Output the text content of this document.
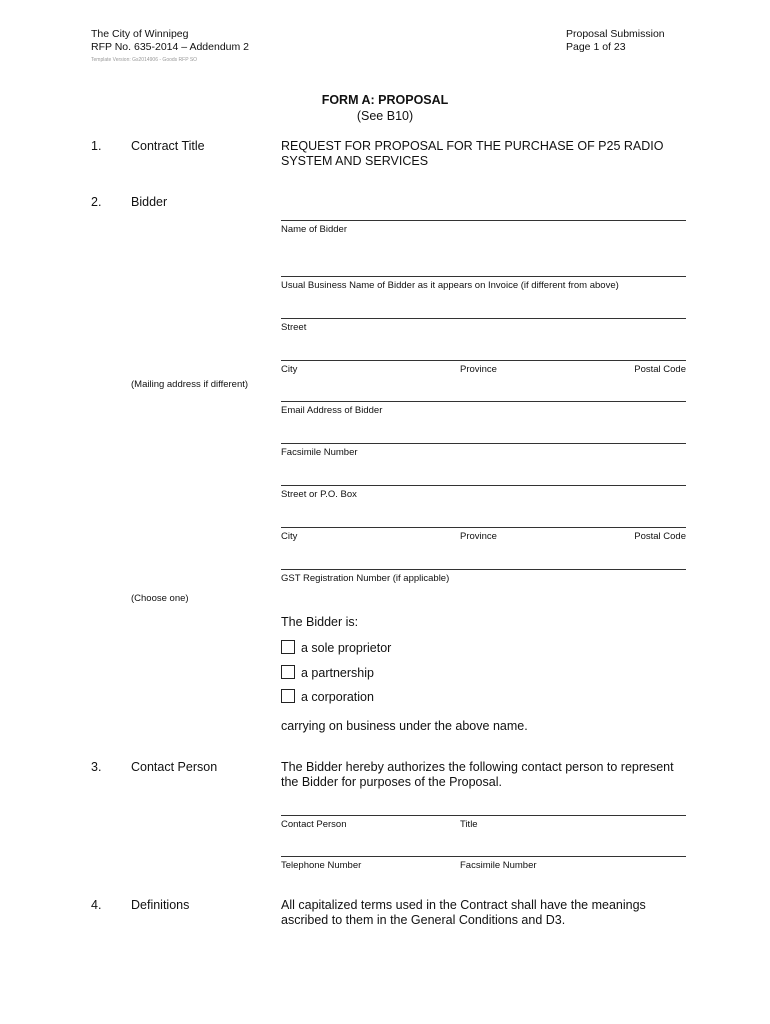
The City of Winnipeg
RFP No. 635-2014 – Addendum 2
Template Version: Gs2014906 - Goods RFP SO
Proposal Submission
Page 1 of 23
FORM A: PROPOSAL
(See B10)
1. Contract Title	REQUEST FOR PROPOSAL FOR THE PURCHASE OF P25 RADIO
SYSTEM AND SERVICES
2. Bidder
Name of Bidder
Usual Business Name of Bidder as it appears on Invoice (if different from above)
Street
City	Province	Postal Code
(Mailing address if different)
Email Address of Bidder
Facsimile Number
Street or P.O. Box
City	Province	Postal Code
GST Registration Number (if applicable)
(Choose one)
The Bidder is:
a sole proprietor
a partnership
a corporation
carrying on business under the above name.
3. Contact Person	The Bidder hereby authorizes the following contact person to represent
the Bidder for purposes of the Proposal.
Contact Person	Title
Telephone Number	Facsimile Number
4. Definitions	All capitalized terms used in the Contract shall have the meanings
ascribed to them in the General Conditions and D3.
